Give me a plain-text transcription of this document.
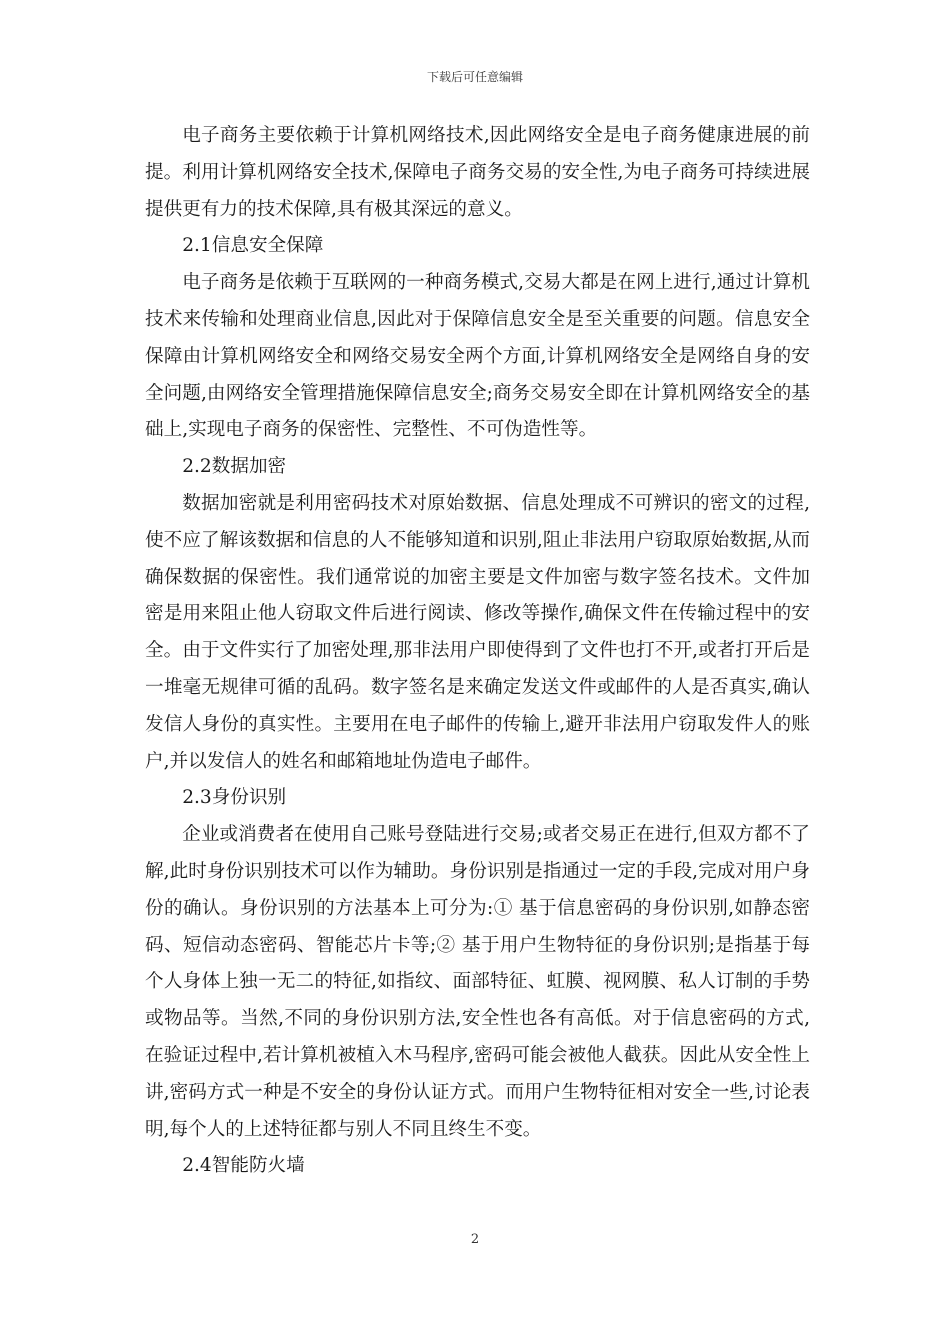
下载后可任意编辑

电子商务主要依赖于计算机网络技术,因此网络安全是电子商务健康进展的前提。利用计算机网络安全技术,保障电子商务交易的安全性,为电子商务可持续进展提供更有力的技术保障,具有极其深远的意义。

2.1信息安全保障

电子商务是依赖于互联网的一种商务模式,交易大都是在网上进行,通过计算机技术来传输和处理商业信息,因此对于保障信息安全是至关重要的问题。信息安全保障由计算机网络安全和网络交易安全两个方面,计算机网络安全是网络自身的安全问题,由网络安全管理措施保障信息安全;商务交易安全即在计算机网络安全的基础上,实现电子商务的保密性、完整性、不可伪造性等。

2.2数据加密

数据加密就是利用密码技术对原始数据、信息处理成不可辨识的密文的过程,使不应了解该数据和信息的人不能够知道和识别,阻止非法用户窃取原始数据,从而确保数据的保密性。我们通常说的加密主要是文件加密与数字签名技术。文件加密是用来阻止他人窃取文件后进行阅读、修改等操作,确保文件在传输过程中的安全。由于文件实行了加密处理,那非法用户即使得到了文件也打不开,或者打开后是一堆毫无规律可循的乱码。数字签名是来确定发送文件或邮件的人是否真实,确认发信人身份的真实性。主要用在电子邮件的传输上,避开非法用户窃取发件人的账户,并以发信人的姓名和邮箱地址伪造电子邮件。

2.3身份识别

企业或消费者在使用自己账号登陆进行交易;或者交易正在进行,但双方都不了解,此时身份识别技术可以作为辅助。身份识别是指通过一定的手段,完成对用户身份的确认。身份识别的方法基本上可分为:① 基于信息密码的身份识别,如静态密码、短信动态密码、智能芯片卡等;② 基于用户生物特征的身份识别;是指基于每个人身体上独一无二的特征,如指纹、面部特征、虹膜、视网膜、私人订制的手势或物品等。当然,不同的身份识别方法,安全性也各有高低。对于信息密码的方式,在验证过程中,若计算机被植入木马程序,密码可能会被他人截获。因此从安全性上讲,密码方式一种是不安全的身份认证方式。而用户生物特征相对安全一些,讨论表明,每个人的上述特征都与别人不同且终生不变。

2.4智能防火墙

2
